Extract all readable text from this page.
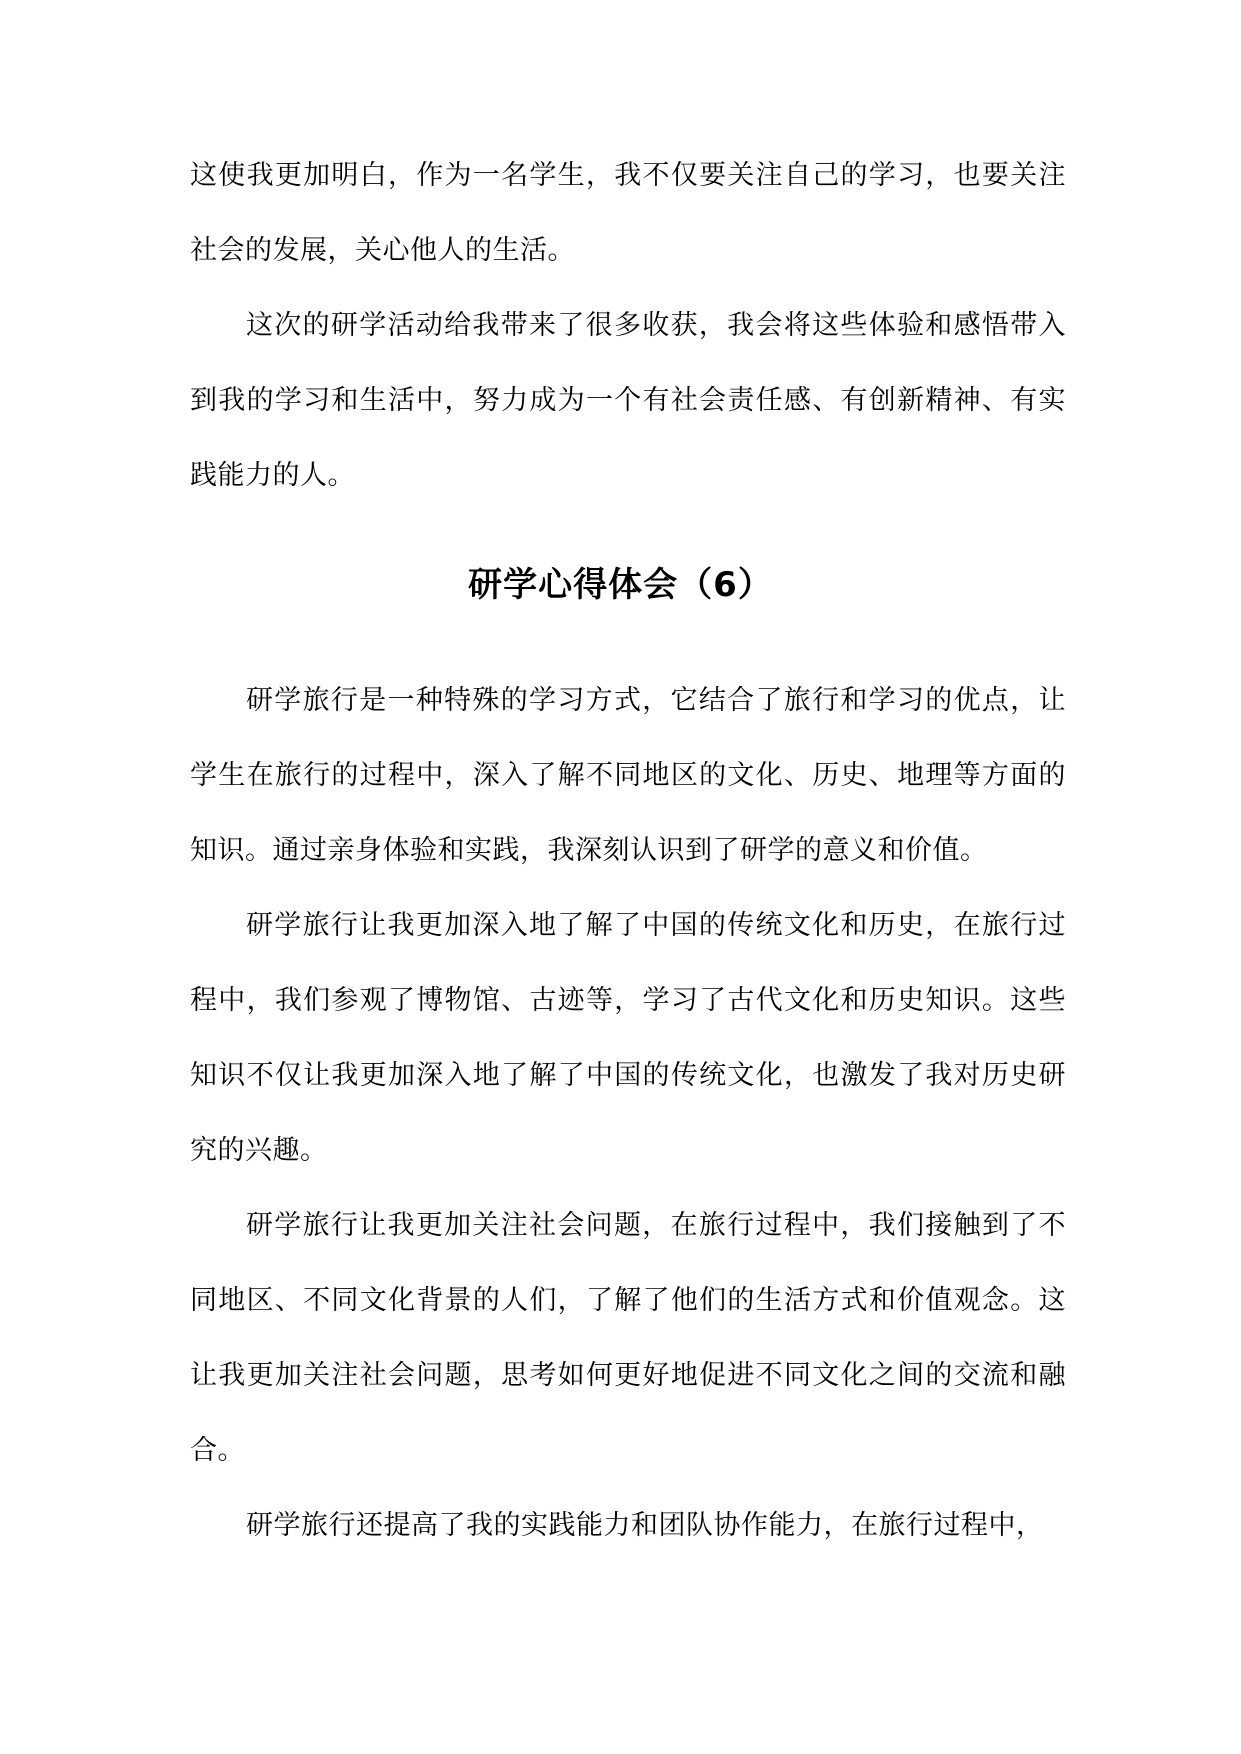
这使我更加明白，作为一名学生，我不仅要关注自己的学习，也要关注社会的发展，关心他人的生活。

这次的研学活动给我带来了很多收获，我会将这些体验和感悟带入到我的学习和生活中，努力成为一个有社会责任感、有创新精神、有实践能力的人。

研学心得体会（6）

研学旅行是一种特殊的学习方式，它结合了旅行和学习的优点，让学生在旅行的过程中，深入了解不同地区的文化、历史、地理等方面的知识。通过亲身体验和实践，我深刻认识到了研学的意义和价值。

研学旅行让我更加深入地了解了中国的传统文化和历史，在旅行过程中，我们参观了博物馆、古迹等，学习了古代文化和历史知识。这些知识不仅让我更加深入地了解了中国的传统文化，也激发了我对历史研究的兴趣。

研学旅行让我更加关注社会问题，在旅行过程中，我们接触到了不同地区、不同文化背景的人们，了解了他们的生活方式和价值观念。这让我更加关注社会问题，思考如何更好地促进不同文化之间的交流和融合。

研学旅行还提高了我的实践能力和团队协作能力，在旅行过程中，
